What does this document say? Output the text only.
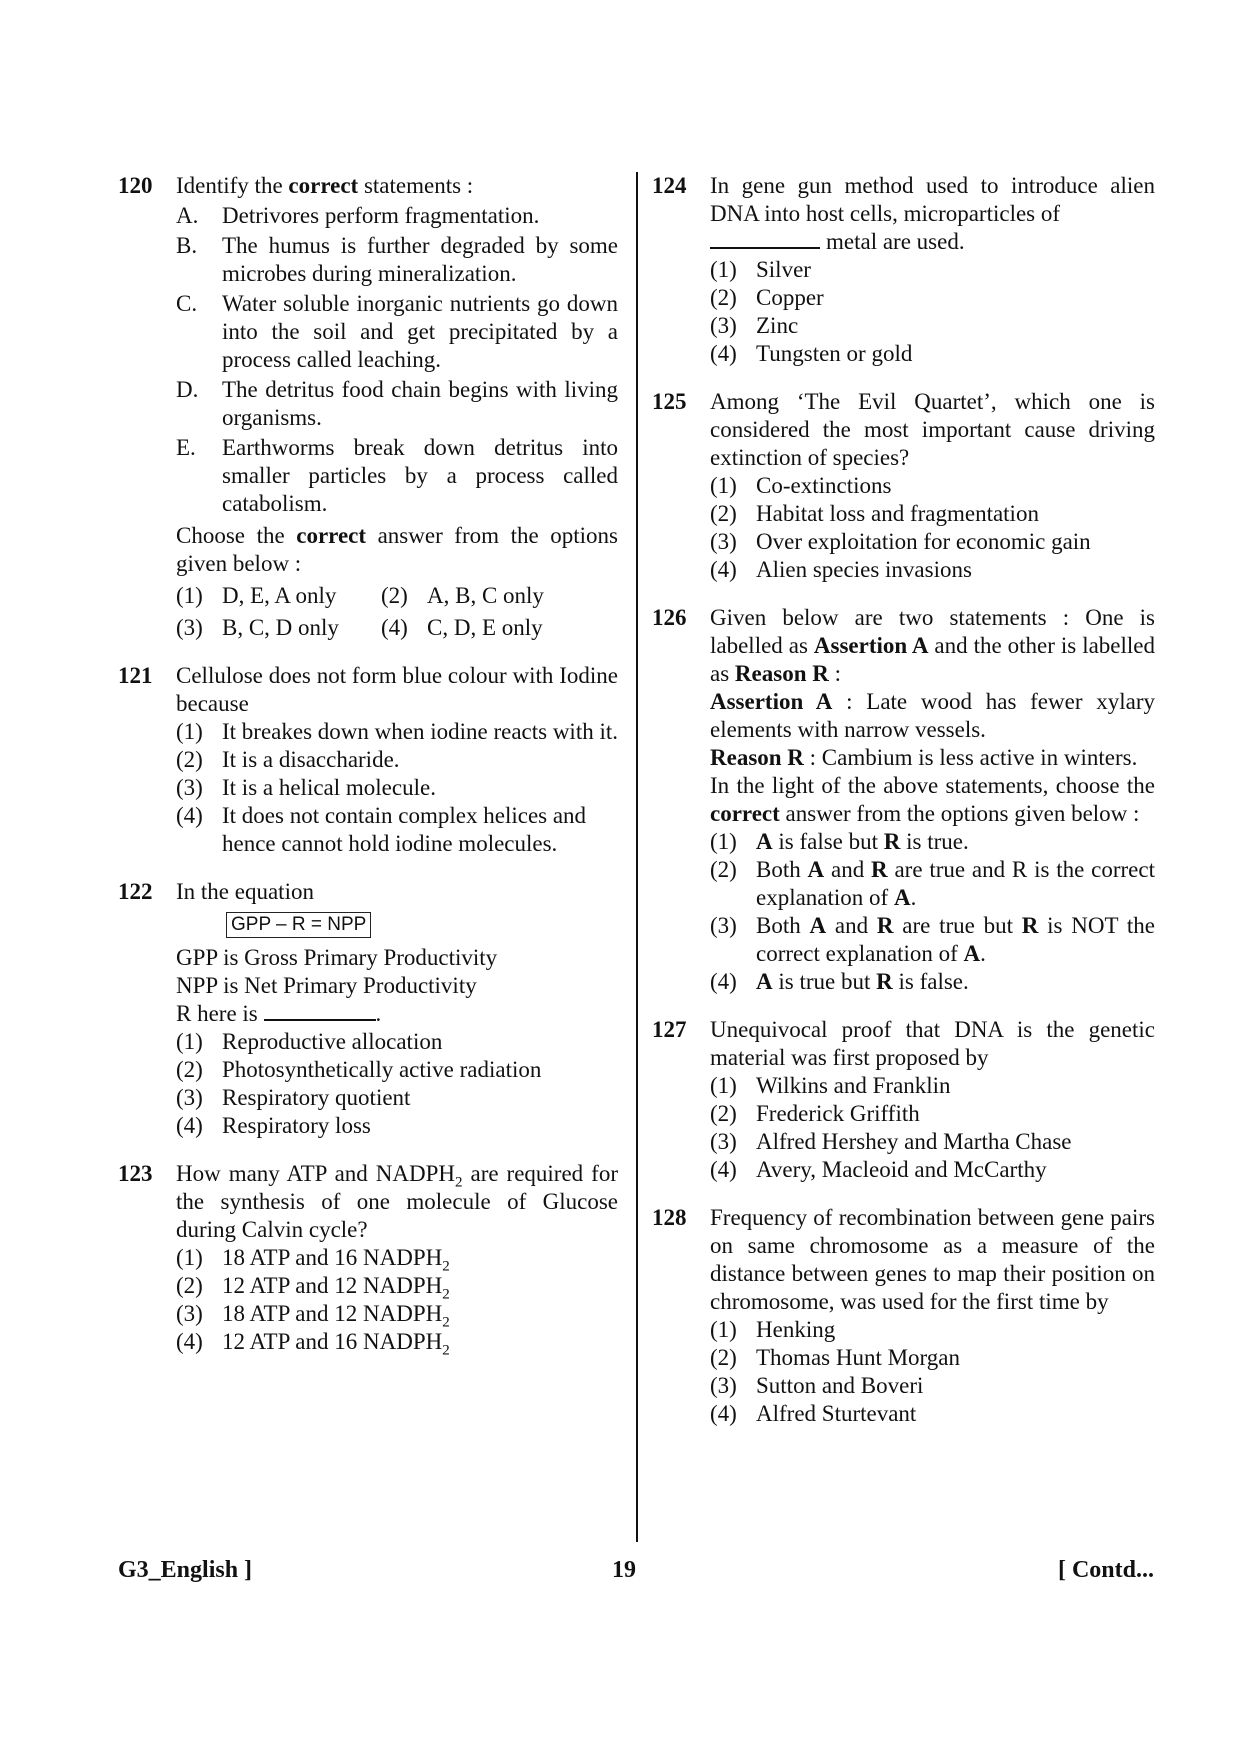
120 Identify the correct statements :
A. Detrivores perform fragmentation.
B. The humus is further degraded by some microbes during mineralization.
C. Water soluble inorganic nutrients go down into the soil and get precipitated by a process called leaching.
D. The detritus food chain begins with living organisms.
E. Earthworms break down detritus into smaller particles by a process called catabolism.
Choose the correct answer from the options given below :
(1) D, E, A only	(2) A, B, C only
(3) B, C, D only	(4) C, D, E only
121 Cellulose does not form blue colour with Iodine because
(1) It breakes down when iodine reacts with it.
(2) It is a disaccharide.
(3) It is a helical molecule.
(4) It does not contain complex helices and hence cannot hold iodine molecules.
122 In the equation
GPP – R = NPP
GPP is Gross Primary Productivity
NPP is Net Primary Productivity
R here is	.
(1) Reproductive allocation
(2) Photosynthetically active radiation
(3) Respiratory quotient
(4) Respiratory loss
123 How many ATP and $NADPH_2$ are required for the synthesis of one molecule of Glucose during Calvin cycle?
(1) 18 ATP and 16 $NADPH_2$
(2) 12 ATP and 12 $NADPH_2$
(3) 18 ATP and 12 $NADPH_2$
(4) 12 ATP and 16 $NADPH_2$
124 In gene gun method used to introduce alien DNA into host cells, microparticles of
metal are used.
(1) Silver
(2) Copper
(3) Zinc
(4) Tungsten or gold
125 Among ‘The Evil Quartet’, which one is considered the most important cause driving extinction of species?
(1) Co-extinctions
(2) Habitat loss and fragmentation
(3) Over exploitation for economic gain
(4) Alien species invasions
126 Given below are two statements : One is labelled as Assertion A and the other is labelled as Reason R :
Assertion A : Late wood has fewer xylary elements with narrow vessels.
Reason R : Cambium is less active in winters.
In the light of the above statements, choose the correct answer from the options given below :
(1) A is false but R is true.
(2) Both A and R are true and R is the correct explanation of A.
(3) Both A and R are true but R is NOT the correct explanation of A.
(4) A is true but R is false.
127 Unequivocal proof that DNA is the genetic material was first proposed by
(1) Wilkins and Franklin
(2) Frederick Griffith
(3) Alfred Hershey and Martha Chase
(4) Avery, Macleoid and McCarthy
128 Frequency of recombination between gene pairs on same chromosome as a measure of the distance between genes to map their position on chromosome, was used for the first time by
(1) Henking
(2) Thomas Hunt Morgan
(3) Sutton and Boveri
(4) Alfred Sturtevant
G3_English ]	19	[ Contd...
